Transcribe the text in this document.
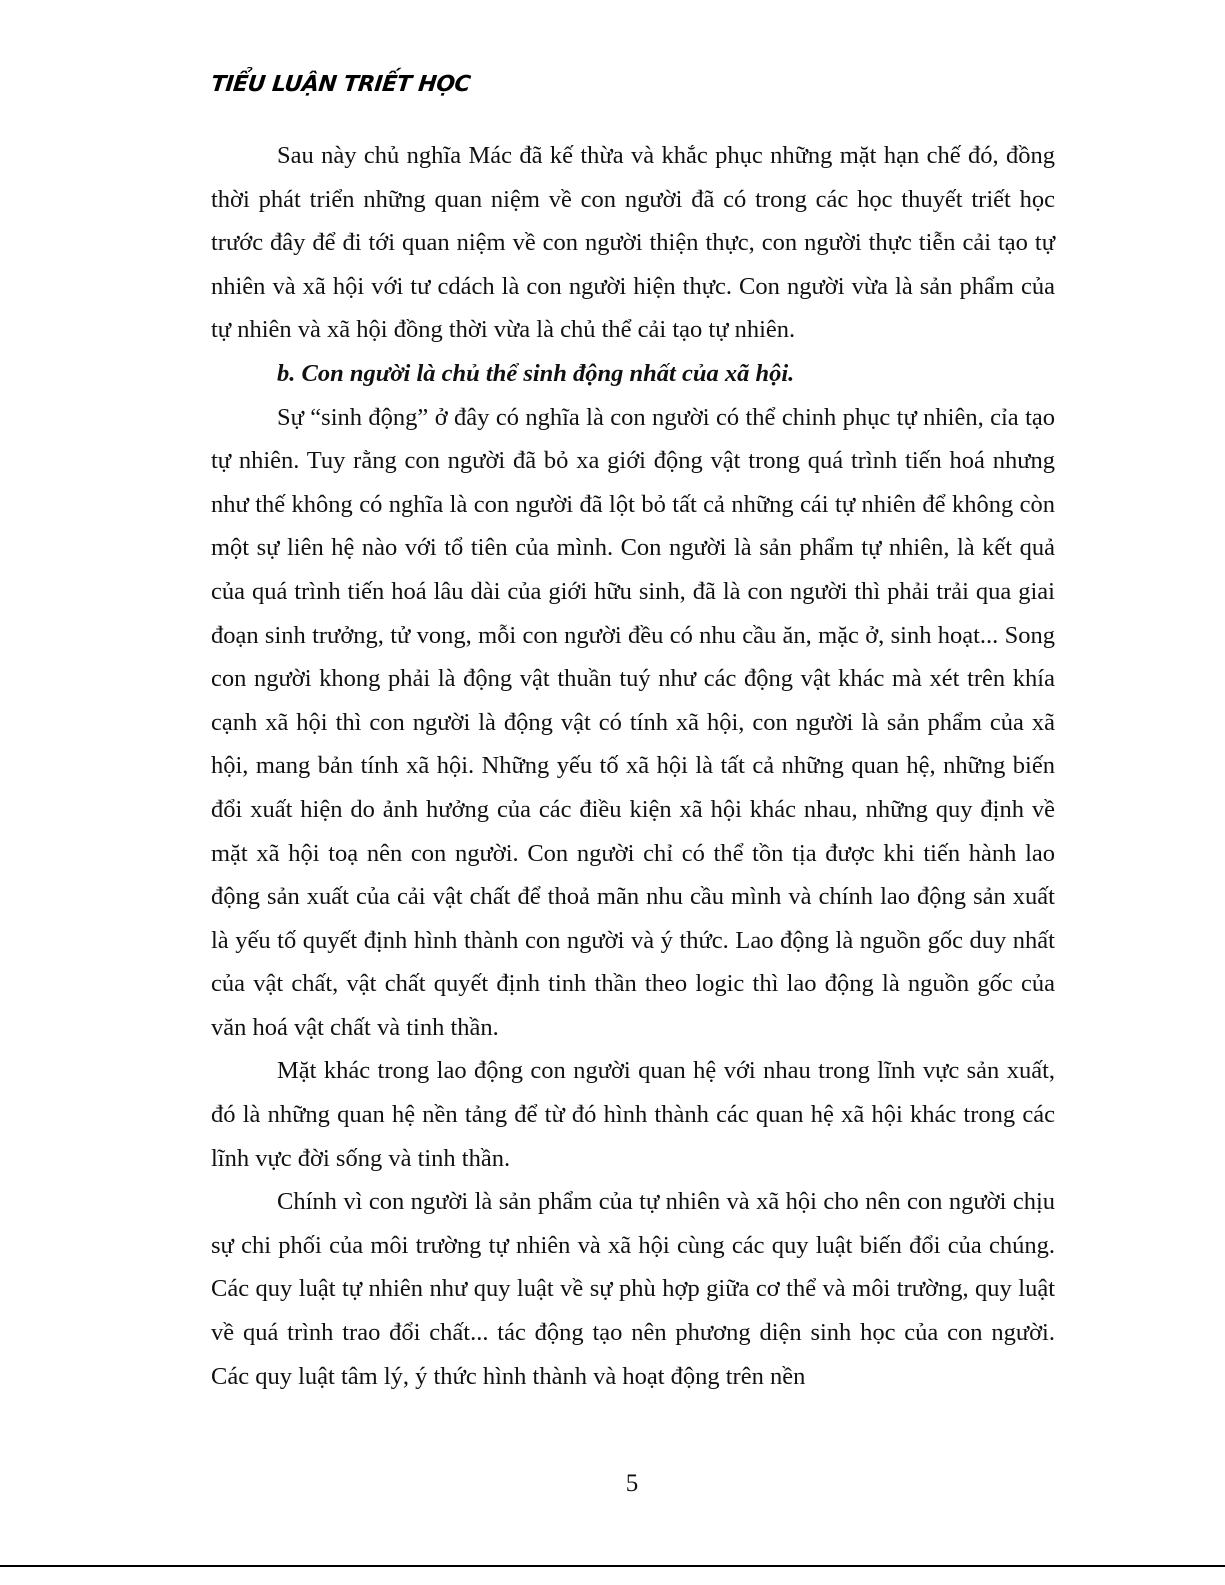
TIỂU LUẬN TRIẾT HỌC

Sau này chủ nghĩa Mác đã kế thừa và khắc phục những mặt hạn chế đó, đồng thời phát triển những quan niệm về con người đã có trong các học thuyết triết học trước đây để đi tới quan niệm về con người thiện thực, con người thực tiễn cải tạo tự nhiên và xã hội với tư cdách là con người hiện thực. Con người vừa là sản phẩm của tự nhiên và xã hội đồng thời vừa là chủ thể cải tạo tự nhiên.

b. Con người là chủ thể sinh động nhất của xã hội.

Sự “sinh động” ở đây có nghĩa là con người có thể chinh phục tự nhiên, cỉa tạo tự nhiên. Tuy rằng con người đã bỏ xa giới động vật trong quá trình tiến hoá nhưng như thế không có nghĩa là con người đã lột bỏ tất cả những cái tự nhiên để không còn một sự liên hệ nào với tổ tiên của mình. Con người là sản phẩm tự nhiên, là kết quả của quá trình tiến hoá lâu dài của giới hữu sinh, đã là con người thì phải trải qua giai đoạn sinh trưởng, tử vong, mỗi con người đều có nhu cầu ăn, mặc ở, sinh hoạt... Song con người khong phải là động vật thuần tuý như các động vật khác mà xét trên khía cạnh xã hội thì con người là động vật có tính xã hội, con người là sản phẩm của xã hội, mang bản tính xã hội. Những yếu tố xã hội là tất cả những quan hệ, những biến đổi xuất hiện do ảnh hưởng của các điều kiện xã hội khác nhau, những quy định về mặt xã hội toạ nên con người. Con người chỉ có thể tồn tịa được khi tiến hành lao động sản xuất của cải vật chất để thoả mãn nhu cầu mình và chính lao động sản xuất là yếu tố quyết định hình thành con người và ý thức. Lao động là nguồn gốc duy nhất của vật chất, vật chất quyết định tinh thần theo logic thì lao động là nguồn gốc của văn hoá vật chất và tinh thần.

Mặt khác trong lao động con người quan hệ với nhau trong lĩnh vực sản xuất, đó là những quan hệ nền tảng để từ đó hình thành các quan hệ xã hội khác trong các lĩnh vực đời sống và tinh thần.

Chính vì con người là sản phẩm của tự nhiên và xã hội cho nên con người chịu sự chi phối của môi trường tự nhiên và xã hội cùng các quy luật biến đổi của chúng. Các quy luật tự nhiên như quy luật về sự phù hợp giữa cơ thể và môi trường, quy luật về quá trình trao đổi chất... tác động tạo nên phương diện sinh học của con người. Các quy luật tâm lý, ý thức hình thành và hoạt động trên nền

5
